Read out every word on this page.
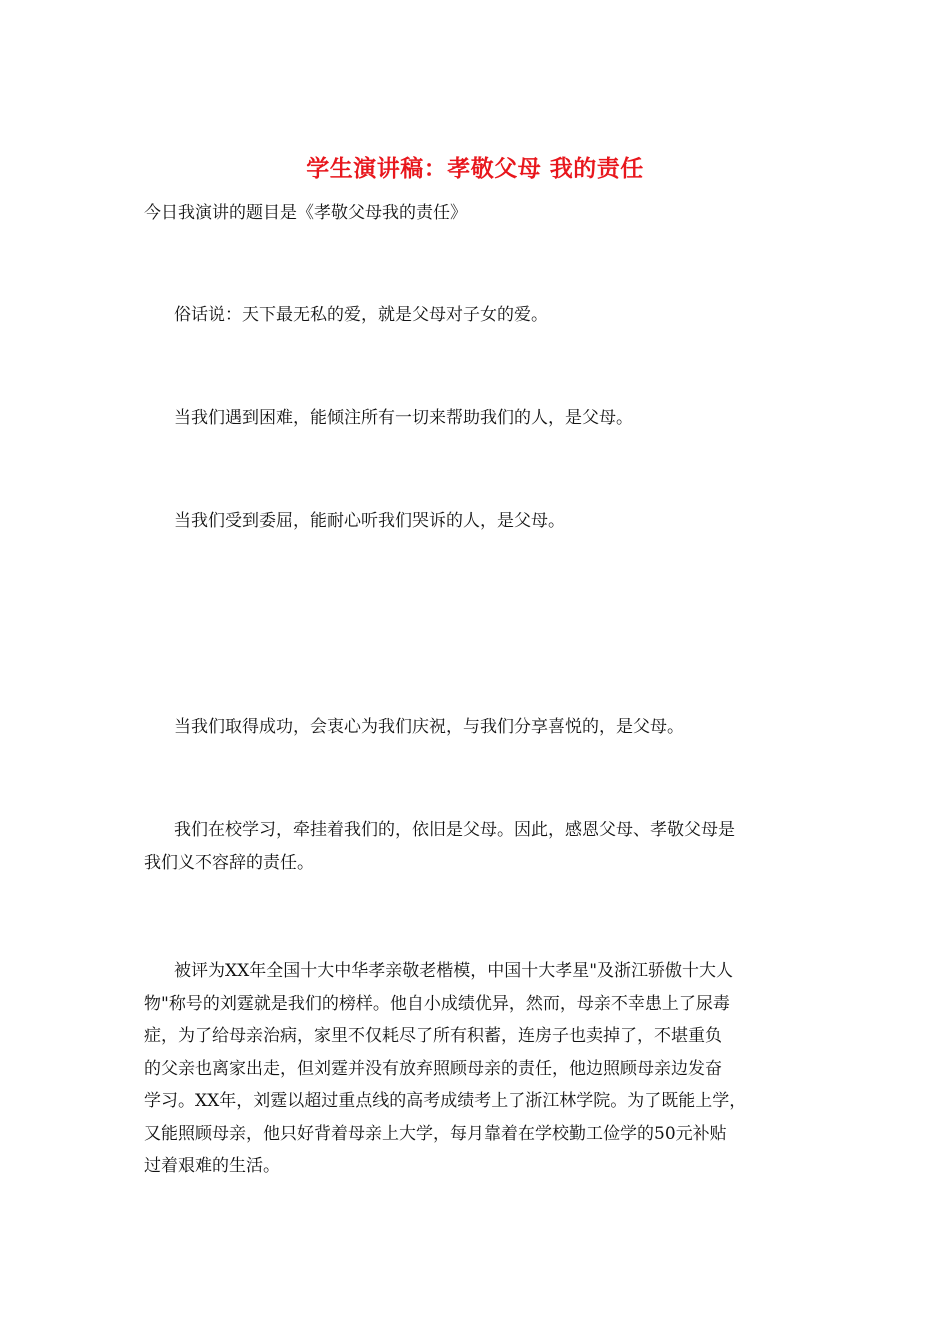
学生演讲稿：孝敬父母 我的责任

今日我演讲的题目是《孝敬父母我的责任》

俗话说：天下最无私的爱，就是父母对子女的爱。

当我们遇到困难，能倾注所有一切来帮助我们的人，是父母。

当我们受到委屈，能耐心听我们哭诉的人，是父母。

当我们取得成功，会衷心为我们庆祝，与我们分享喜悦的，是父母。

我们在校学习，牵挂着我们的，依旧是父母。因此，感恩父母、孝敬父母是
我们义不容辞的责任。
被评为XX年全国十大中华孝亲敬老楷模，中国十大孝星"及浙江骄傲十大人
物"称号的刘霆就是我们的榜样。他自小成绩优异，然而，母亲不幸患上了尿毒
症，为了给母亲治病，家里不仅耗尽了所有积蓄，连房子也卖掉了，不堪重负
的父亲也离家出走，但刘霆并没有放弃照顾母亲的责任，他边照顾母亲边发奋
学习。XX年，刘霆以超过重点线的高考成绩考上了浙江林学院。为了既能上学，
又能照顾母亲，他只好背着母亲上大学，每月靠着在学校勤工俭学的50元补贴
过着艰难的生活。
